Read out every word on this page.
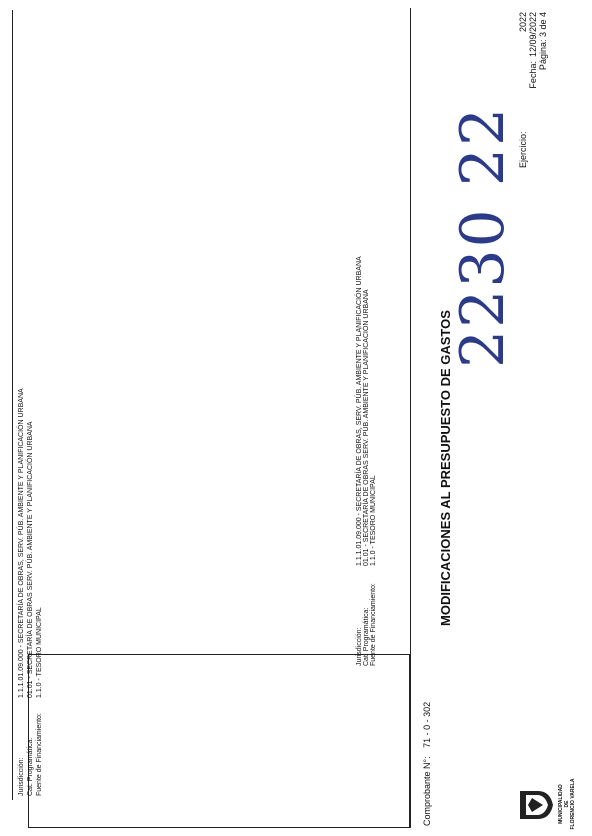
MUNICIPALIDAD DE FLORENCIO VARELA
MODIFICACIONES AL PRESUPUESTO DE GASTOS
Ejercicio:
2022
Fecha:
12/09/2022 Página: 3 de 4
2230 22
Comprobante N°: 71 - 0 - 302
Jurisdicción:1.1.1.01.09.000 - SECRETARÍA DE OBRAS, SERV. PÚB. AMBIENTE Y PLANIFICACIÓN URBANA
Cat. Programática:01.01 - SECRETARÍA DE OBRAS SERV. PÚB. AMBIENTE Y PLANIFICACIÓN URBANA
Fuente de Financiamiento:1.1.0 - TESORO MUNICIPAL
Jurisdicción:1.1.1.01.09.000 - SECRETARÍA DE OBRAS, SERV. PÚB. AMBIENTE Y PLANIFICACIÓN URBANA
Cat. Programática:01.01 - SECRETARÍA DE OBRAS SERV. PÚB. AMBIENTE Y PLANIFICACIÓN URBANA
Fuente de Financiamiento:1.1.0 - TESORO MUNICIPAL
